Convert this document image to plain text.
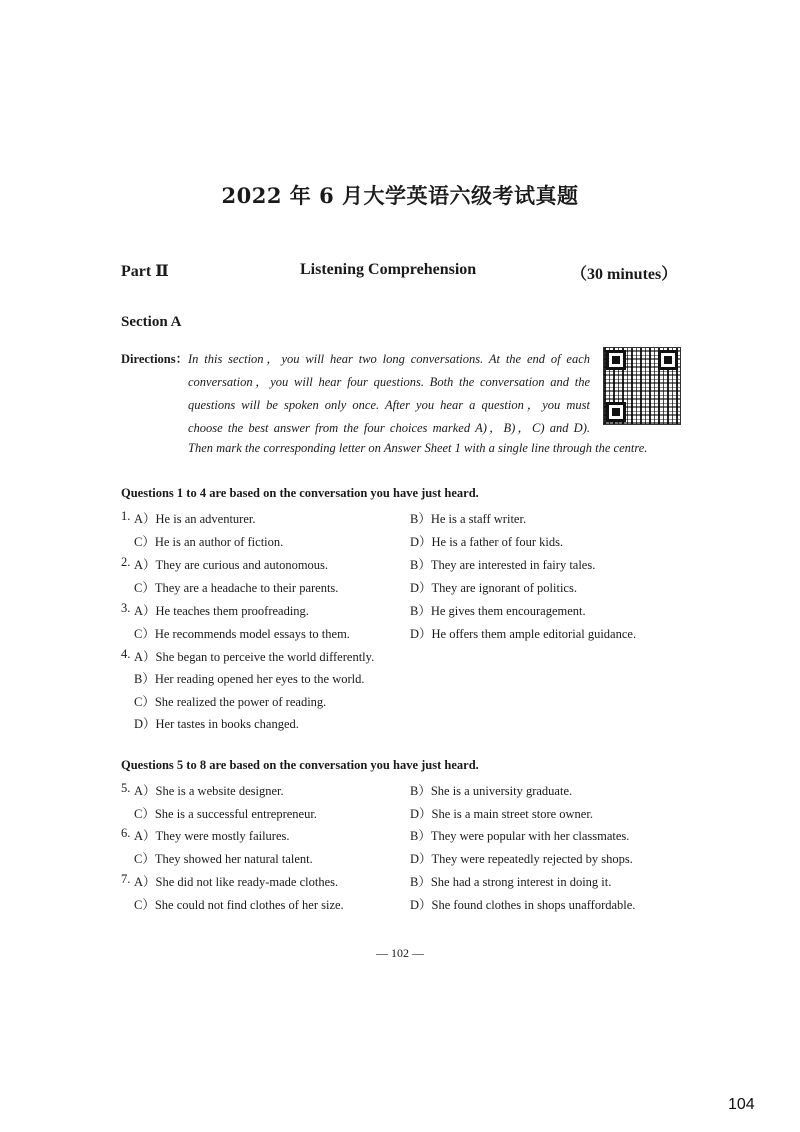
2022 年 6 月大学英语六级考试真题
Part Ⅱ	Listening Comprehension	（30 minutes）
Section A
Directions： In this section，you will hear two long conversations. At the end of each
conversation，you will hear four questions. Both the conversation and the
questions will be spoken only once. After you hear a question，you must
choose the best answer from the four choices marked A)，B)，C) and D).
Then mark the corresponding letter on Answer Sheet 1 with a single line through the centre.
Questions 1 to 4 are based on the conversation you have just heard.
1. A）He is an adventurer.	B）He is a staff writer.
C）He is an author of fiction.	D）He is a father of four kids.
2. A）They are curious and autonomous.	B）They are interested in fairy tales.
C）They are a headache to their parents.	D）They are ignorant of politics.
3. A）He teaches them proofreading.	B）He gives them encouragement.
C）He recommends model essays to them.	D）He offers them ample editorial guidance.
4. A）She began to perceive the world differently.
B）Her reading opened her eyes to the world.
C）She realized the power of reading.
D）Her tastes in books changed.
Questions 5 to 8 are based on the conversation you have just heard.
5. A）She is a website designer.	B）She is a university graduate.
C）She is a successful entrepreneur.	D）She is a main street store owner.
6. A）They were mostly failures.	B）They were popular with her classmates.
C）They showed her natural talent.	D）They were repeatedly rejected by shops.
7. A）She did not like ready-made clothes.	B）She had a strong interest in doing it.
C）She could not find clothes of her size.	D）She found clothes in shops unaffordable.
— 102 —
104
